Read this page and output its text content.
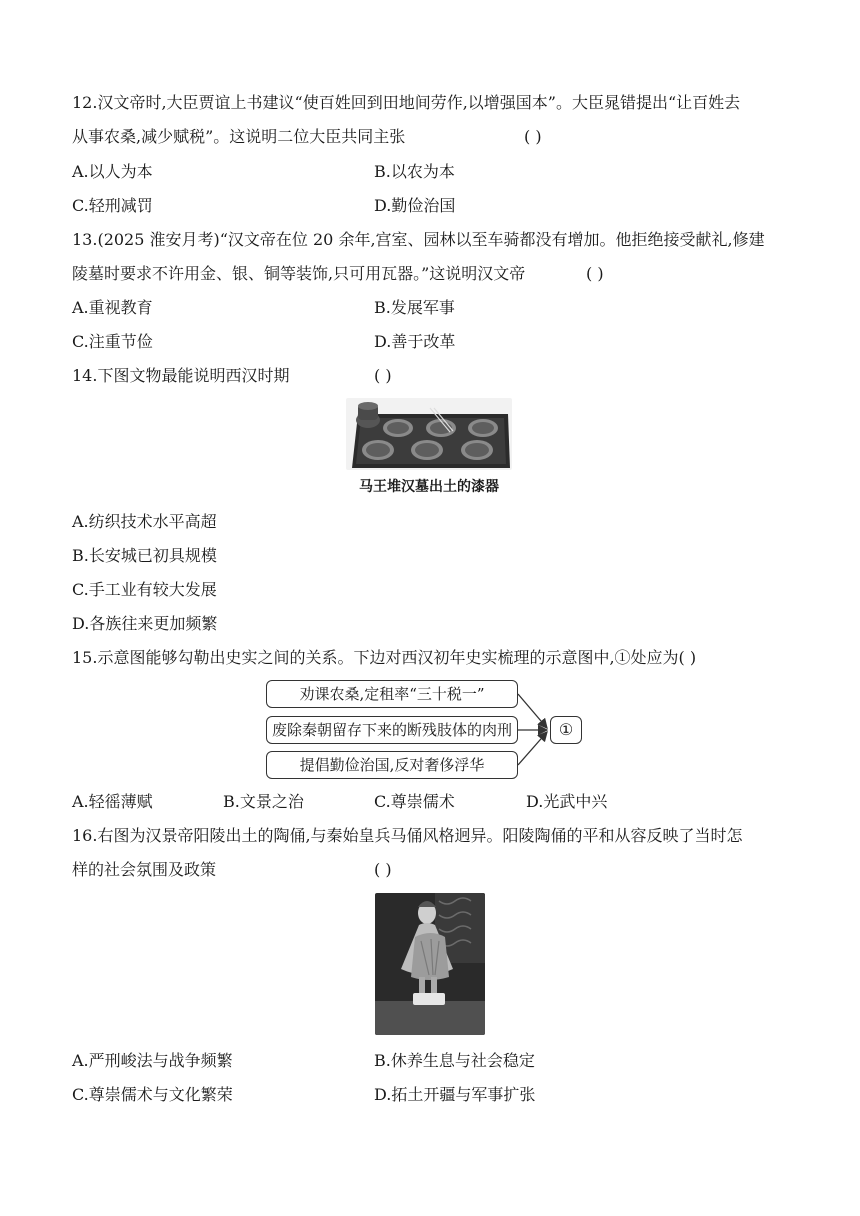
12.汉文帝时,大臣贾谊上书建议“使百姓回到田地间劳作,以增强国本”。大臣晁错提出“让百姓去
从事农桑,减少赋税”。这说明二位大臣共同主张	( )
A.以人为本	B.以农为本
C.轻刑减罚	D.勤俭治国
13.(2025 淮安月考)“汉文帝在位 20 余年,宫室、园林以至车骑都没有增加。他拒绝接受献礼,修建
陵墓时要求不许用金、银、铜等装饰,只可用瓦器。”这说明汉文帝	( )
A.重视教育	B.发展军事
C.注重节俭	D.善于改革
14.下图文物最能说明西汉时期	( )
马王堆汉墓出土的漆器
A.纺织技术水平高超
B.长安城已初具规模
C.手工业有较大发展
D.各族往来更加频繁
15.示意图能够勾勒出史实之间的关系。下边对西汉初年史实梳理的示意图中,①处应为( )
劝课农桑,定租率“三十税一”
废除秦朝留存下来的断残肢体的肉刑
提倡勤俭治国,反对奢侈浮华
①
A.轻徭薄赋	B.文景之治	C.尊崇儒术	D.光武中兴
16.右图为汉景帝阳陵出土的陶俑,与秦始皇兵马俑风格迥异。阳陵陶俑的平和从容反映了当时怎
样的社会氛围及政策	( )
A.严刑峻法与战争频繁	B.休养生息与社会稳定
C.尊崇儒术与文化繁荣	D.拓土开疆与军事扩张
